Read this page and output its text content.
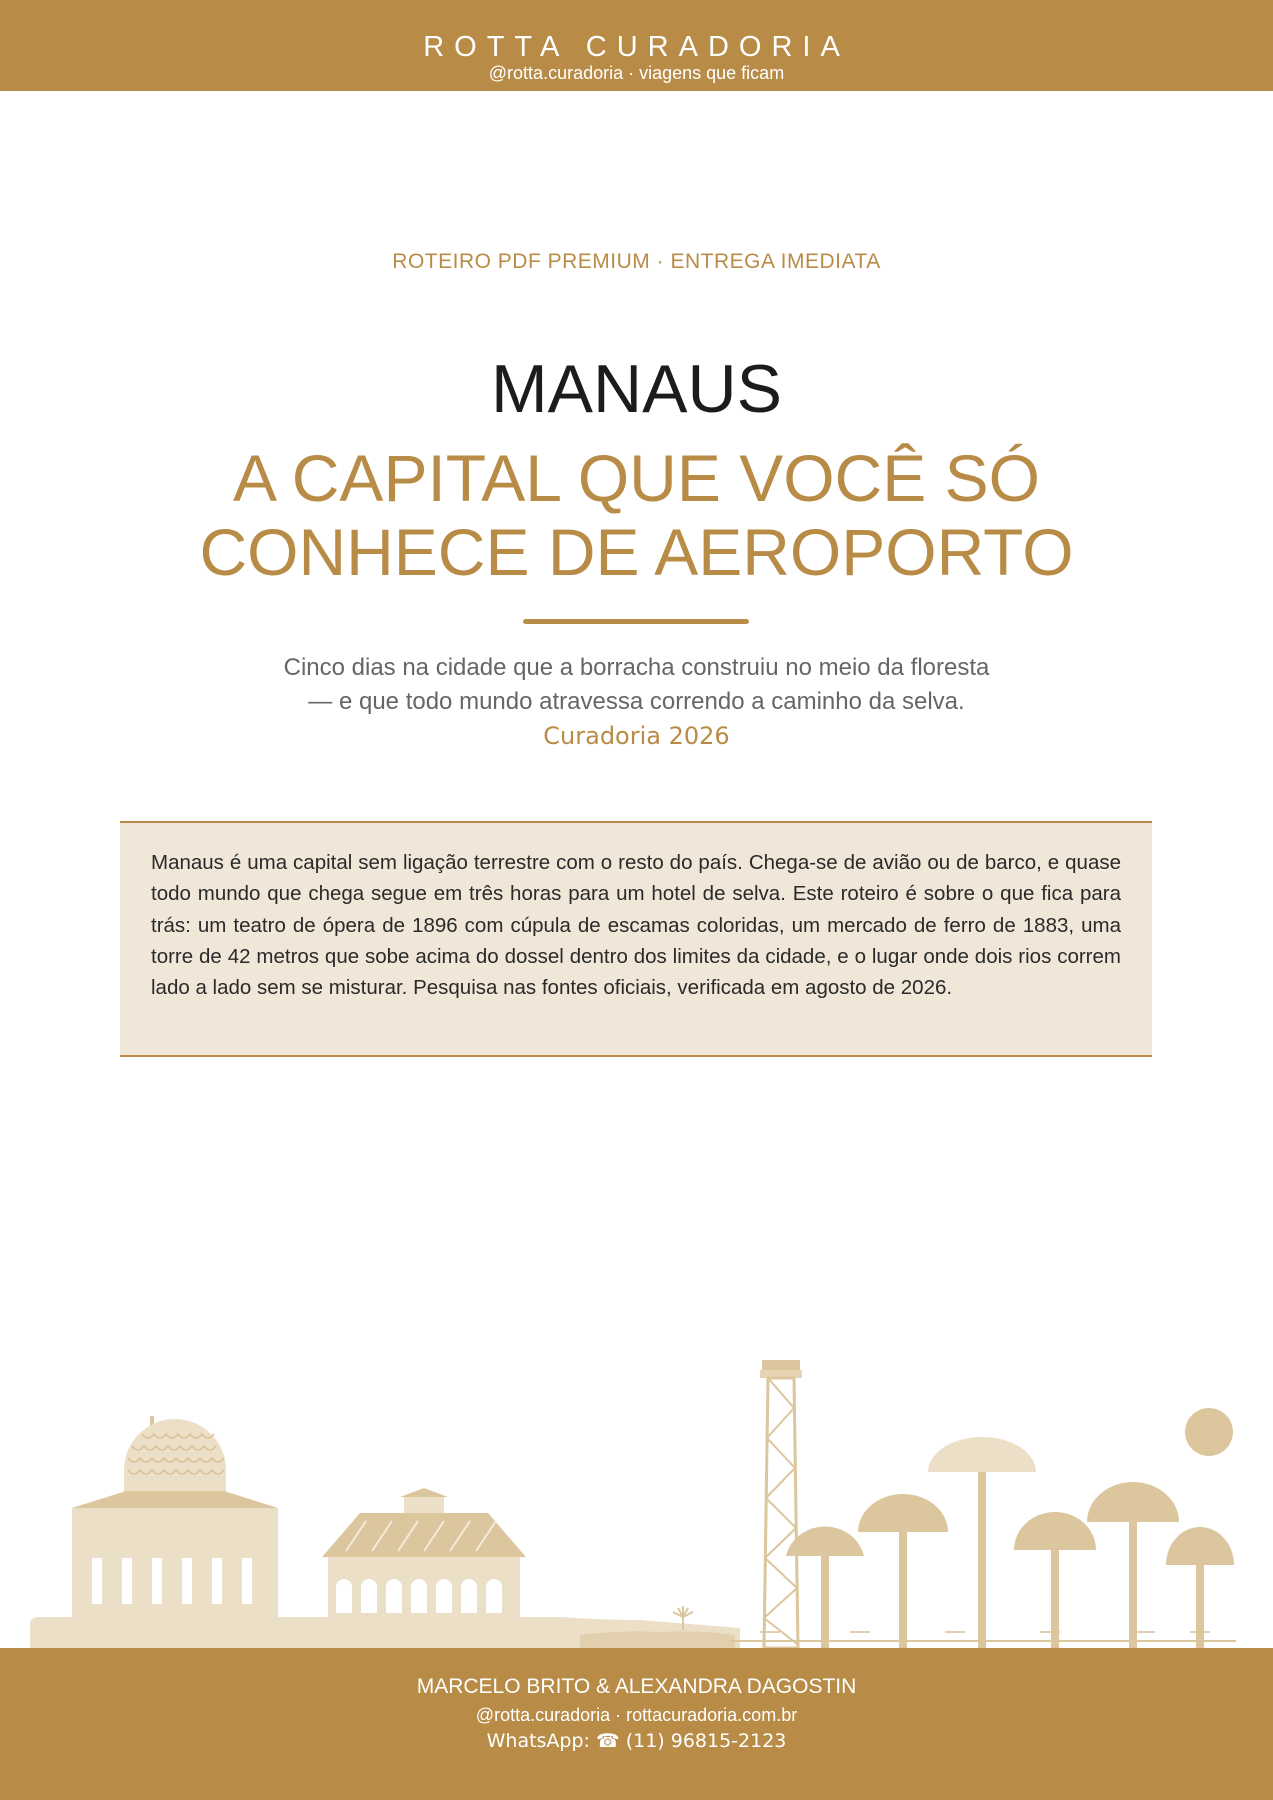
ROTTA CURADORIA
@rotta.curadoria · viagens que ficam
ROTEIRO PDF PREMIUM · ENTREGA IMEDIATA
MANAUS
A CAPITAL QUE VOCÊ SÓ CONHECE DE AEROPORTO
Cinco dias na cidade que a borracha construiu no meio da floresta
— e que todo mundo atravessa correndo a caminho da selva.
Curadoria 2026

Manaus é uma capital sem ligação terrestre com o resto do país. Chega-se de avião ou de barco, e quase todo mundo que chega segue em três horas para um hotel de selva. Este roteiro é sobre o que fica para trás: um teatro de ópera de 1896 com cúpula de escamas coloridas, um mercado de ferro de 1883, uma torre de 42 metros que sobe acima do dossel dentro dos limites da cidade, e o lugar onde dois rios correm lado a lado sem se misturar. Pesquisa nas fontes oficiais, verificada em agosto de 2026.

MARCELO BRITO & ALEXANDRA DAGOSTIN
@rotta.curadoria · rottacuradoria.com.br
WhatsApp: ☎ (11) 96815-2123
